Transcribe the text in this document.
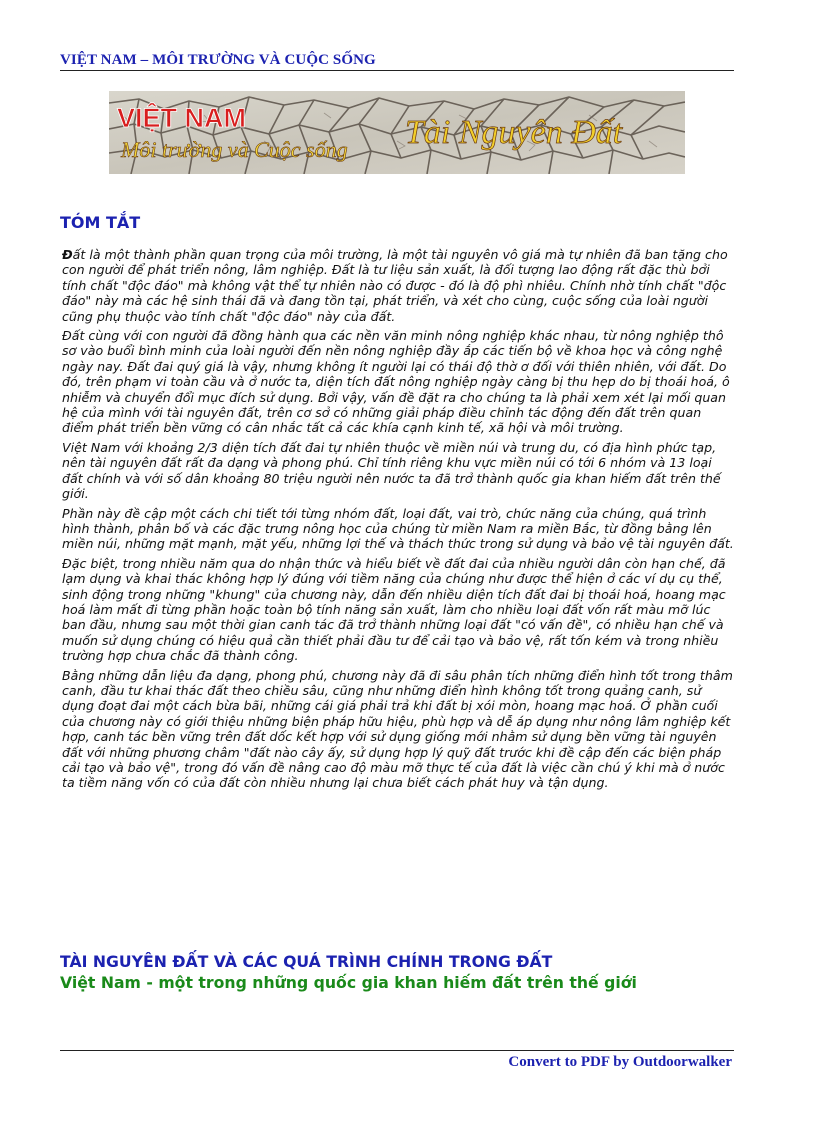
VIỆT NAM – MÔI TRƯỜNG VÀ CUỘC SỐNG
VIỆT NAM
Môi trường và Cuộc sống Tài Nguyên Đất
TÓM TẮT

Đất là một thành phần quan trọng của môi trường, là một tài nguyên vô giá mà tự nhiên đã ban tặng cho con người để phát triển nông, lâm nghiệp. Đất là tư liệu sản xuất, là đối tượng lao động rất đặc thù bởi tính chất "độc đáo" mà không vật thể tự nhiên nào có được - đó là độ phì nhiêu. Chính nhờ tính chất "độc đáo" này mà các hệ sinh thái đã và đang tồn tại, phát triển, và xét cho cùng, cuộc sống của loài người cũng phụ thuộc vào tính chất "độc đáo" này của đất.

Đất cùng với con người đã đồng hành qua các nền văn minh nông nghiệp khác nhau, từ nông nghiệp thô sơ vào buổi bình minh của loài người đến nền nông nghiệp đầy ắp các tiến bộ về khoa học và công nghệ ngày nay. Đất đai quý giá là vậy, nhưng không ít người lại có thái độ thờ ơ đối với thiên nhiên, với đất. Do đó, trên phạm vi toàn cầu và ở nước ta, diện tích đất nông nghiệp ngày càng bị thu hẹp do bị thoái hoá, ô nhiễm và chuyển đổi mục đích sử dụng. Bởi vậy, vấn đề đặt ra cho chúng ta là phải xem xét lại mối quan hệ của mình với tài nguyên đất, trên cơ sở có những giải pháp điều chỉnh tác động đến đất trên quan điểm phát triển bền vững có cân nhắc tất cả các khía cạnh kinh tế, xã hội và môi trường.

Việt Nam với khoảng 2/3 diện tích đất đai tự nhiên thuộc về miền núi và trung du, có địa hình phức tạp, nên tài nguyên đất rất đa dạng và phong phú. Chỉ tính riêng khu vực miền núi có tới 6 nhóm và 13 loại đất chính và với số dân khoảng 80 triệu người nên nước ta đã trở thành quốc gia khan hiếm đất trên thế giới.

Phần này đề cập một cách chi tiết tới từng nhóm đất, loại đất, vai trò, chức năng của chúng, quá trình hình thành, phân bố và các đặc trưng nông học của chúng từ miền Nam ra miền Bắc, từ đồng bằng lên miền núi, những mặt mạnh, mặt yếu, những lợi thế và thách thức trong sử dụng và bảo vệ tài nguyên đất.

Đặc biệt, trong nhiều năm qua do nhận thức và hiểu biết về đất đai của nhiều người dân còn hạn chế, đã lạm dụng và khai thác không hợp lý đúng với tiềm năng của chúng như được thể hiện ở các ví dụ cụ thể, sinh động trong những "khung" của chương này, dẫn đến nhiều diện tích đất đai bị thoái hoá, hoang mạc hoá làm mất đi từng phần hoặc toàn bộ tính năng sản xuất, làm cho nhiều loại đất vốn rất màu mỡ lúc ban đầu, nhưng sau một thời gian canh tác đã trở thành những loại đất "có vấn đề", có nhiều hạn chế và muốn sử dụng chúng có hiệu quả cần thiết phải đầu tư để cải tạo và bảo vệ, rất tốn kém và trong nhiều trường hợp chưa chắc đã thành công.

Bằng những dẫn liệu đa dạng, phong phú, chương này đã đi sâu phân tích những điển hình tốt trong thâm canh, đầu tư khai thác đất theo chiều sâu, cũng như những điển hình không tốt trong quảng canh, sử dụng đoạt đai một cách bừa bãi, những cái giá phải trả khi đất bị xói mòn, hoang mạc hoá. Ở phần cuối của chương này có giới thiệu những biện pháp hữu hiệu, phù hợp và dễ áp dụng như nông lâm nghiệp kết hợp, canh tác bền vững trên đất dốc kết hợp với sử dụng giống mới nhằm sử dụng bền vững tài nguyên đất với những phương châm "đất nào cây ấy, sử dụng hợp lý quỹ đất trước khi đề cập đến các biện pháp cải tạo và bảo vệ", trong đó vấn đề nâng cao độ màu mỡ thực tế của đất là việc cần chú ý khi mà ở nước ta tiềm năng vốn có của đất còn nhiều nhưng lại chưa biết cách phát huy và tận dụng.

TÀI NGUYÊN ĐẤT VÀ CÁC QUÁ TRÌNH CHÍNH TRONG ĐẤT
Việt Nam - một trong những quốc gia khan hiếm đất trên thế giới
Convert to PDF by Outdoorwalker
